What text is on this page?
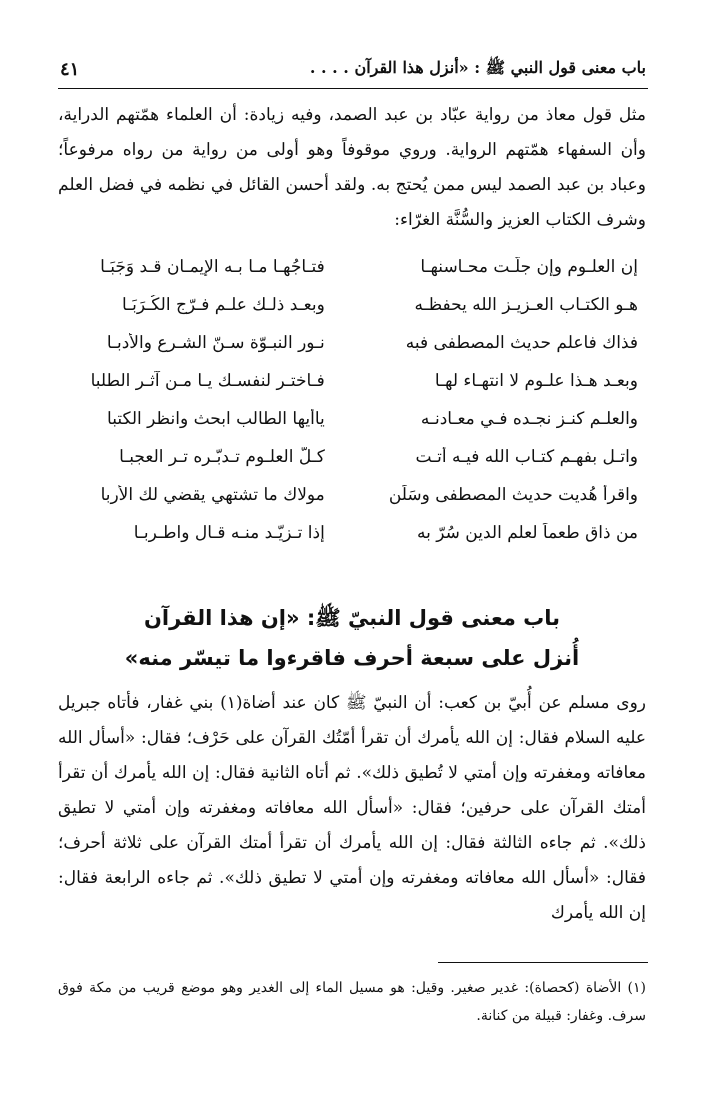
باب معنى قول النبي ﷺ : «أنزل هذا القرآن . . . .
٤١
مثل قول معاذ من رواية عبّاد بن عبد الصمد، وفيه زيادة: أن العلماء همّتهم الدراية، وأن السفهاء همّتهم الرواية. وروي موقوفاً وهو أولى من رواية من رواه مرفوعاً؛ وعباد بن عبد الصمد ليس ممن يُحتج به. ولقد أحسن القائل في نظمه في فضل العلم وشرف الكتاب العزيز والسُّنَّة الغرّاء:
إن العلـوم وإن جلّـت محـاسنهـا
فتـاجُهـا مـا بـه الإيمـان قـد وَجَبَـا
هـو الكتـاب العـزيـز الله يحفظـه
وبعـد ذلـك علـم فـرّج الكُـرَبَـا
فذاك فاعلم حديث المصطفى فبه
نـور النبـوّة سـنّ الشـرع والأدبـا
وبعـد هـذا علـوم لا انتهـاء لهـا
فـاختـر لنفسـك يـا مـن آثـر الطلبا
والعلـم كنـز نجـده فـي معـادنـه
ياأيها الطالب ابحث وانظر الكتبا
واتـل بفهـم كتـاب الله فيـه أتـت
كـلّ العلـوم تـدبّـره تـر العجبـا
واقرأ هُديت حديث المصطفى وسَلَن
مولاك ما تشتهي يقضي لك الأربا
من ذاق طعماً لعلم الدين سُرّ به
إذا تـزيّـد منـه قـال واطـربـا
باب معنى قول النبيّ ﷺ: «إن هذا القرآن
أُنزل على سبعة أحرف فاقرءوا ما تيسّر منه»
روى مسلم عن أُبيّ بن كعب: أن النبيّ ﷺ كان عند أضاة(١) بني غفار، فأتاه جبريل عليه السلام فقال: إن الله يأمرك أن تقرأ أمّتُك القرآن على حَرْف؛ فقال: «أسأل الله معافاته ومغفرته وإن أمتي لا تُطيق ذلك». ثم أتاه الثانية فقال: إن الله يأمرك أن تقرأ أمتك القرآن على حرفين؛ فقال: «أسأل الله معافاته ومغفرته وإن أمتي لا تطيق ذلك». ثم جاءه الثالثة فقال: إن الله يأمرك أن تقرأ أمتك القرآن على ثلاثة أحرف؛ فقال: «أسأل الله معافاته ومغفرته وإن أمتي لا تطيق ذلك». ثم جاءه الرابعة فقال: إن الله يأمرك
(١) الأضاة (كحصاة): غدير صغير. وقيل: هو مسيل الماء إلى الغدير وهو موضع قريب من مكة فوق سرف. وغفار: قبيلة من كنانة.
